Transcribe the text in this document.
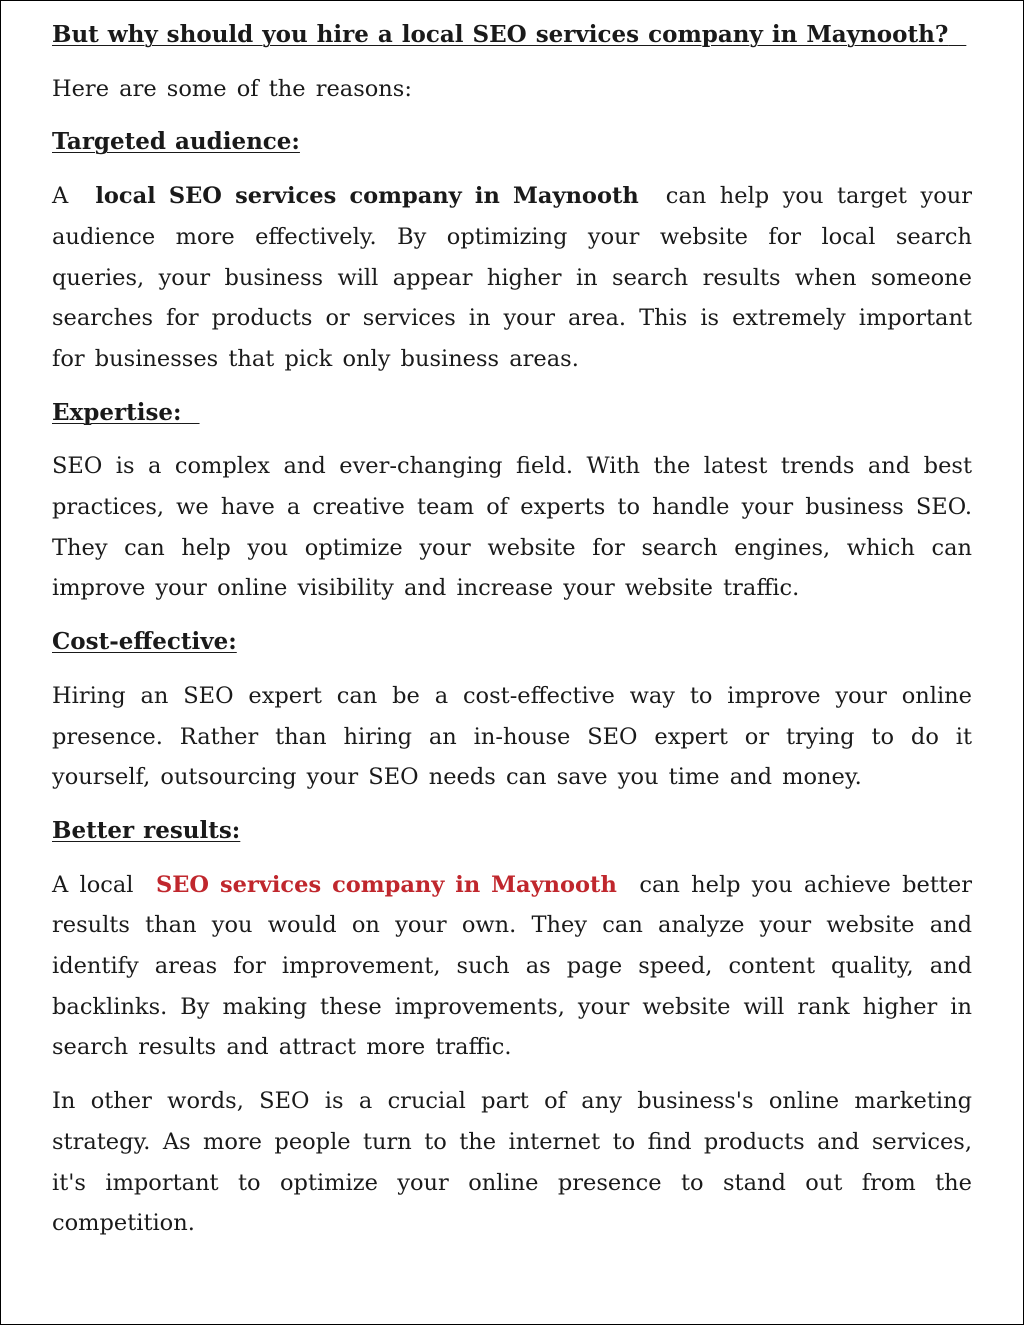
But why should you hire a local SEO services company in Maynooth?

Here are some of the reasons:

Targeted audience:

A local SEO services company in Maynooth can help you target your audience more effectively. By optimizing your website for local search queries, your business will appear higher in search results when someone searches for products or services in your area. This is extremely important for businesses that pick only business areas.

Expertise:

SEO is a complex and ever-changing field. With the latest trends and best practices, we have a creative team of experts to handle your business SEO. They can help you optimize your website for search engines, which can improve your online visibility and increase your website traffic.

Cost-effective:

Hiring an SEO expert can be a cost-effective way to improve your online presence. Rather than hiring an in-house SEO expert or trying to do it yourself, outsourcing your SEO needs can save you time and money.

Better results:

A local SEO services company in Maynooth can help you achieve better results than you would on your own. They can analyze your website and identify areas for improvement, such as page speed, content quality, and backlinks. By making these improvements, your website will rank higher in search results and attract more traffic.

In other words, SEO is a crucial part of any business's online marketing strategy. As more people turn to the internet to find products and services, it's important to optimize your online presence to stand out from the competition.
